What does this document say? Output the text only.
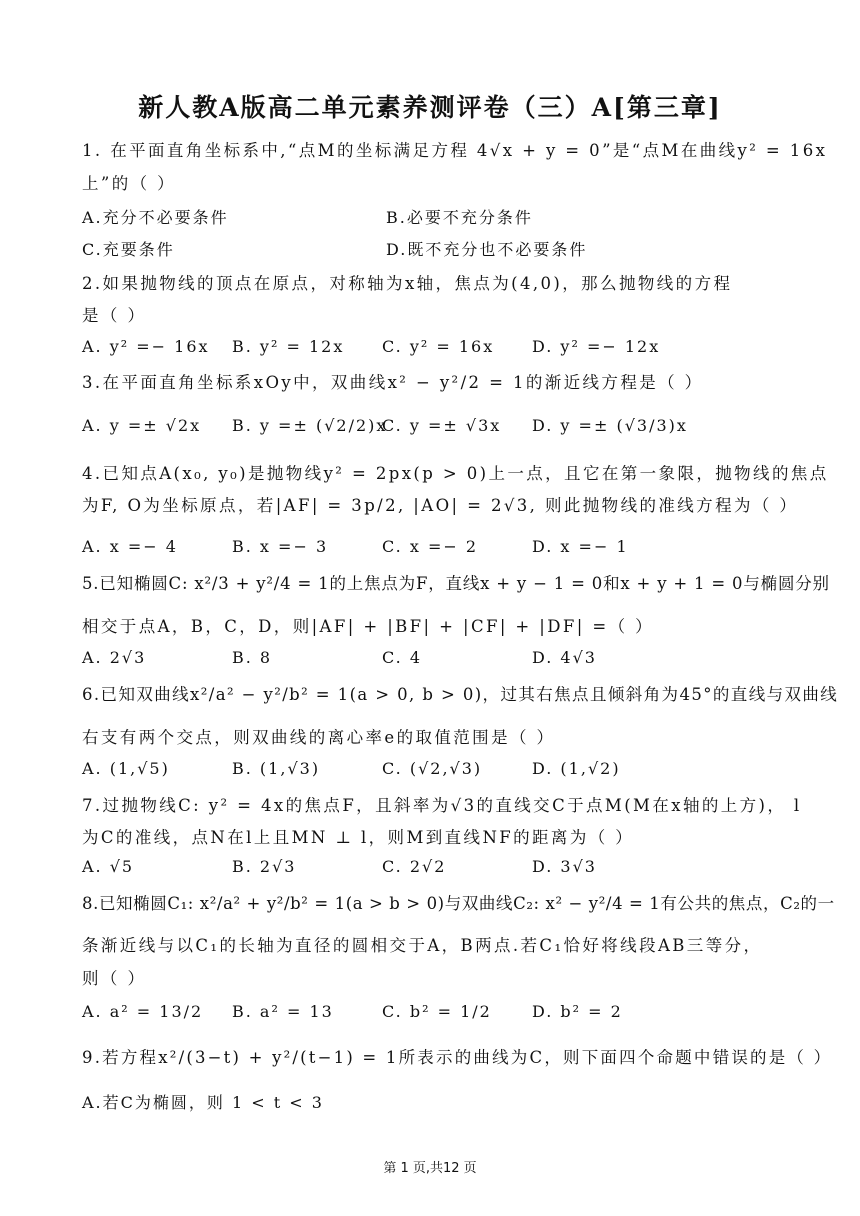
新人教A版高二单元素养测评卷（三）A[第三章]
1. 在平面直角坐标系中,“点M的坐标满足方程 4√x + y = 0”是“点M在曲线y² = 16x
上”的（ ）
A.充分不必要条件	B.必要不充分条件
C.充要条件	D.既不充分也不必要条件
2.如果抛物线的顶点在原点，对称轴为x轴，焦点为(4,0)，那么抛物线的方程
是（ ）
A. y² =− 16x B. y² = 12x C. y² = 16x D. y² =− 12x
3.在平面直角坐标系xOy中，双曲线x² − y²/2 = 1的渐近线方程是（ ）
A. y =± √2x B. y =± (√2/2)x
C. y =± √3x D. y =± (√3/3)x
4.已知点A(x₀, y₀)是抛物线y² = 2px(p > 0)上一点，且它在第一象限，抛物线的焦点
为F, O为坐标原点，若|AF| = 3p/2, |AO| = 2√3, 则此抛物线的准线方程为（ ）
A. x =− 4	B. x =− 3	C. x =− 2	D. x =− 1
5.已知椭圆C: x²/3 + y²/4 = 1的上焦点为F，直线x + y − 1 = 0和x + y + 1 = 0与椭圆分别
相交于点A，B，C，D，则|AF| + |BF| + |CF| + |DF| =（ ）
A. 2√3	B. 8	C. 4	D. 4√3
6.已知双曲线x²/a² − y²/b² = 1(a > 0, b > 0)，过其右焦点且倾斜角为45°的直线与双曲线
右支有两个交点，则双曲线的离心率e的取值范围是（ ）
A. (1,√5)	B. (1,√3)	C. (√2,√3)	D. (1,√2)
7.过抛物线C: y² = 4x的焦点F，且斜率为√3的直线交C于点M(M在x轴的上方)， l
为C的准线，点N在l上且MN ⊥ l，则M到直线NF的距离为（ ）
A. √5	B. 2√3	C. 2√2	D. 3√3
8.已知椭圆C₁: x²/a² + y²/b² = 1(a > b > 0)与双曲线C₂: x² − y²/4 = 1有公共的焦点，C₂的一
条渐近线与以C₁的长轴为直径的圆相交于A，B两点.若C₁恰好将线段AB三等分，
则（ ）
A. a² = 13/2 B. a² = 13	C. b² = 1/2	D. b² = 2
9.若方程x²/(3−t) + y²/(t−1) = 1所表示的曲线为C，则下面四个命题中错误的是（ ）
A.若C为椭圆，则 1 < t < 3
第 1 页,共12 页
